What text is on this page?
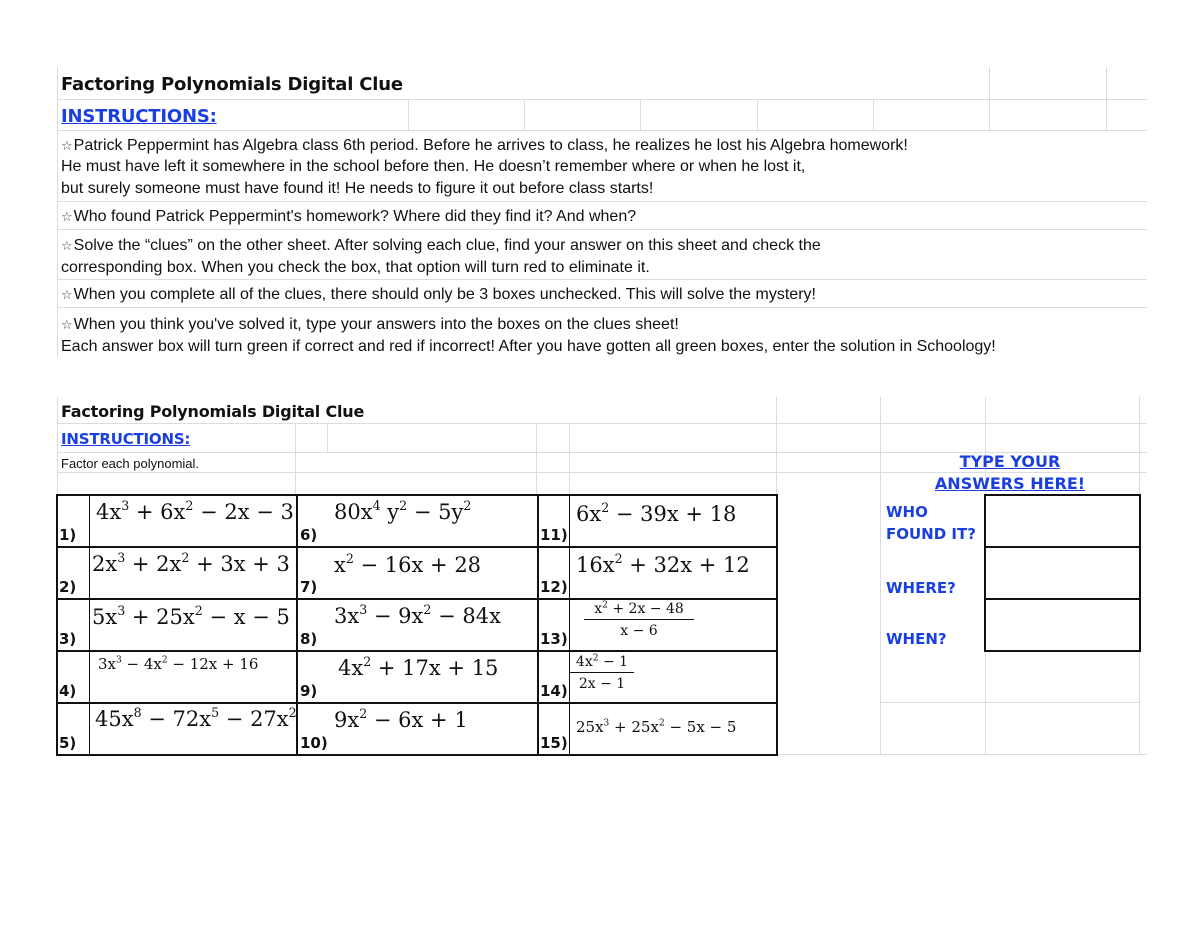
Factoring Polynomials Digital Clue
INSTRUCTIONS:
☆Patrick Peppermint has Algebra class 6th period. Before he arrives to class, he realizes he lost his Algebra homework!
He must have left it somewhere in the school before then. He doesn’t remember where or when he lost it,
but surely someone must have found it! He needs to figure it out before class starts!
☆Who found Patrick Peppermint's homework? Where did they find it? And when?
☆Solve the “clues” on the other sheet. After solving each clue, find your answer on this sheet and check the
corresponding box. When you check the box, that option will turn red to eliminate it.
☆When you complete all of the clues, there should only be 3 boxes unchecked. This will solve the mystery!
☆When you think you've solved it, type your answers into the boxes on the clues sheet!
Each answer box will turn green if correct and red if incorrect! After you have gotten all green boxes, enter the solution in Schoology!
Factoring Polynomials Digital Clue
INSTRUCTIONS:
Factor each polynomial.
1)
2)
3)
4)
5)
6)
7)
8)
9)
10)
11)
12)
13)
14)
15)
$4x^3 + 6x^2 - 2x - 3$
$2x^3 + 2x^2 + 3x + 3$
$5x^3 + 25x^2 - x - 5$
$3x^3 - 4x^2 - 12x + 16$
$45x^8 - 72x^5 - 27x^2$
$80x^4$ $y^2 - 5y^2$
$x^2 - 16x + 28$
$3x^3 - 9x^2 - 84x$
$4x^2 + 17x + 15$
$9x^2 - 6x + 1$
$6x^2 - 39x + 18$
$16x^2 + 32x + 12$
$\frac{x^2 + 2x - 48}{x - 6}$
$\frac{4x^2 - 1}{2x - 1}$
$25x^3 + 25x^2 - 5x - 5$
TYPE YOUR
ANSWERS HERE!
WHO FOUND IT?
WHERE?
WHEN?
